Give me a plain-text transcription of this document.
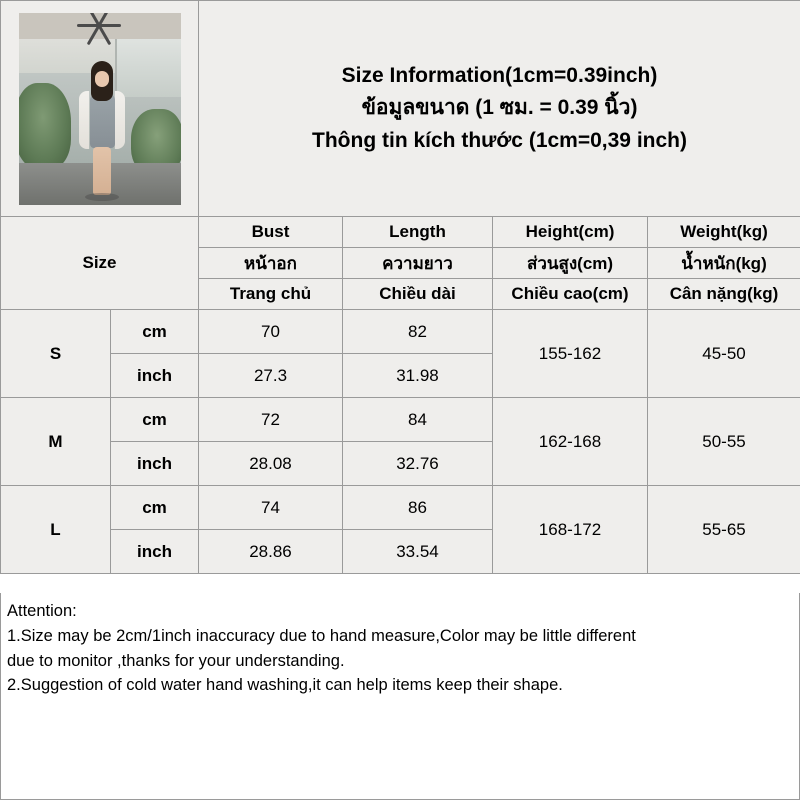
		Size Information(1cm=0.39inch)
ข้อมูลขนาด (1 ซม. = 0.39 นิ้ว)
Thông tin kích thước (1cm=0,39 inch)			

Size		Bust	Length	Height(cm)	Weight(kg)
		หน้าอก	ความยาว	ส่วนสูง(cm)	น้ำหนัก(kg)
		Trang chủ	Chiều dài	Chiều cao(cm)	Cân nặng(kg)
S	cm	70	82	155-162	45-50
	inch	27.3	31.98		
M	cm	72	84	162-168	50-55
	inch	28.08	32.76		
L	cm	74	86	168-172	55-65
	inch	28.86	33.54		
Attention:
1.Size may be 2cm/1inch inaccuracy due to hand measure,Color may be little different
due to monitor ,thanks for your understanding.
2.Suggestion of cold water hand washing,it can help items keep their shape.
